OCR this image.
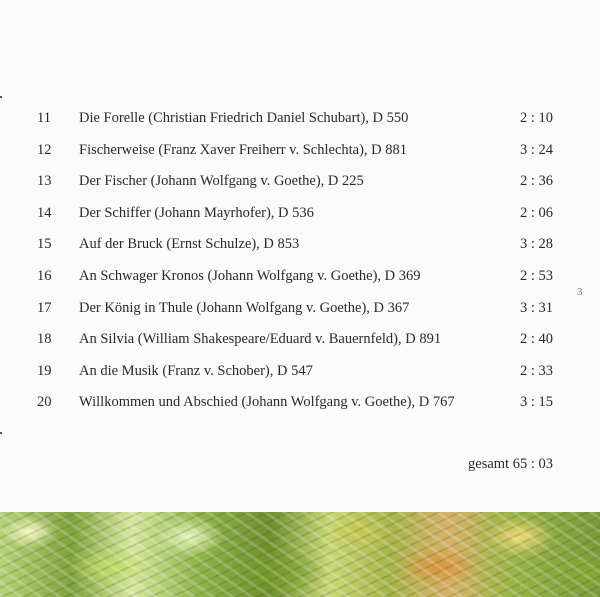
11 Die Forelle (Christian Friedrich Daniel Schubart), D 550	2 : 10
12 Fischerweise (Franz Xaver Freiherr v. Schlechta), D 881	3 : 24
13 Der Fischer (Johann Wolfgang v. Goethe), D 225	2 : 36
14 Der Schiffer (Johann Mayrhofer), D 536	2 : 06
15 Auf der Bruck (Ernst Schulze), D 853	3 : 28
16 An Schwager Kronos (Johann Wolfgang v. Goethe), D 369	2 : 53
17 Der König in Thule (Johann Wolfgang v. Goethe), D 367	3 : 31
18 An Silvia (William Shakespeare/Eduard v. Bauernfeld), D 891	2 : 40
19 An die Musik (Franz v. Schober), D 547	2 : 33
20 Willkommen und Abschied (Johann Wolfgang v. Goethe), D 767	3 : 15
3
gesamt 65 : 03
